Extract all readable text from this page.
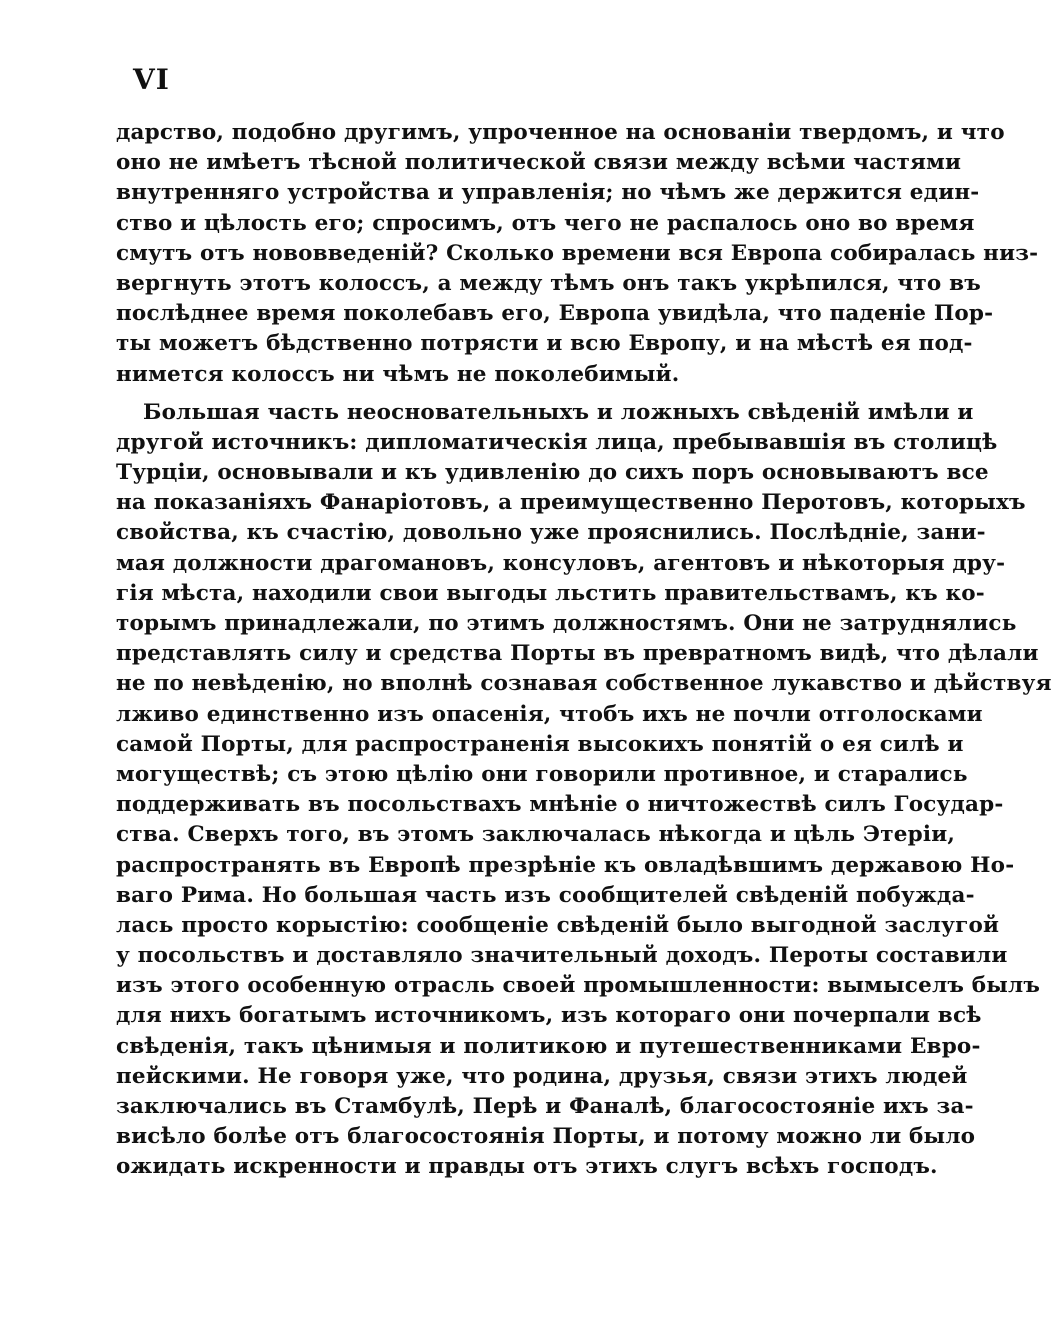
VI
дарство, подобно другимъ, упроченное на основанiи твердомъ, и что
оно не имѣетъ тѣсной политической связи между всѣми частями
внутренняго устройства и управленiя; но чѣмъ же держится един-
ство и цѣлость его; спросимъ, отъ чего не распалось оно во время
смутъ отъ нововведенiй? Сколько времени вся Европа собиралась низ-
вергнуть этотъ колоссъ, а между тѣмъ онъ такъ укрѣпился, что въ
послѣднее время поколебавъ его, Европа увидѣла, что паденiе Пор-
ты можетъ бѣдственно потрясти и всю Европу, и на мѣстѣ ея под-
нимется колоссъ ни чѣмъ не поколебимый.
Большая часть неосновательныхъ и ложныхъ свѣденiй имѣли и
другой источникъ: дипломатическiя лица, пребывавшiя въ столицѣ
Турцiи, основывали и къ удивленiю до сихъ поръ основываютъ все
на показанiяхъ Фанарiотовъ, а преимущественно Перотовъ, которыхъ
свойства, къ счастiю, довольно уже прояснились. Послѣднiе, зани-
мая должности драгомановъ, консуловъ, агентовъ и нѣкоторыя дру-
гiя мѣста, находили свои выгоды льстить правительствамъ, къ ко-
торымъ принадлежали, по этимъ должностямъ. Они не затруднялись
представлять силу и средства Порты въ превратномъ видѣ, что дѣлали
не по невѣденiю, но вполнѣ сознавая собственное лукавство и дѣйствуя
лживо единственно изъ опасенiя, чтобъ ихъ не почли отголосками
самой Порты, для распространенiя высокихъ понятiй о ея силѣ и
могуществѣ; съ этою цѣлiю они говорили противное, и старались
поддерживать въ посольствахъ мнѣнiе о ничтожествѣ силъ Государ-
ства. Сверхъ того, въ этомъ заключалась нѣкогда и цѣль Этерiи,
распространять въ Европѣ презрѣнiе къ овладѣвшимъ державою Но-
ваго Рима. Но большая часть изъ сообщителей свѣденiй побужда-
лась просто корыстiю: сообщенiе свѣденiй было выгодной заслугой
у посольствъ и доставляло значительный доходъ. Пероты составили
изъ этого особенную отрасль своей промышленности: вымыселъ былъ
для нихъ богатымъ источникомъ, изъ котораго они почерпали всѣ
свѣденiя, такъ цѣнимыя и политикою и путешественниками Евро-
пейскими. Не говоря уже, что родина, друзья, связи этихъ людей
заключались въ Стамбулѣ, Перѣ и Фаналѣ, благосостоянiе ихъ за-
висѣло болѣе отъ благосостоянiя Порты, и потому можно ли было
ожидать искренности и правды отъ этихъ слугъ всѣхъ господъ.
